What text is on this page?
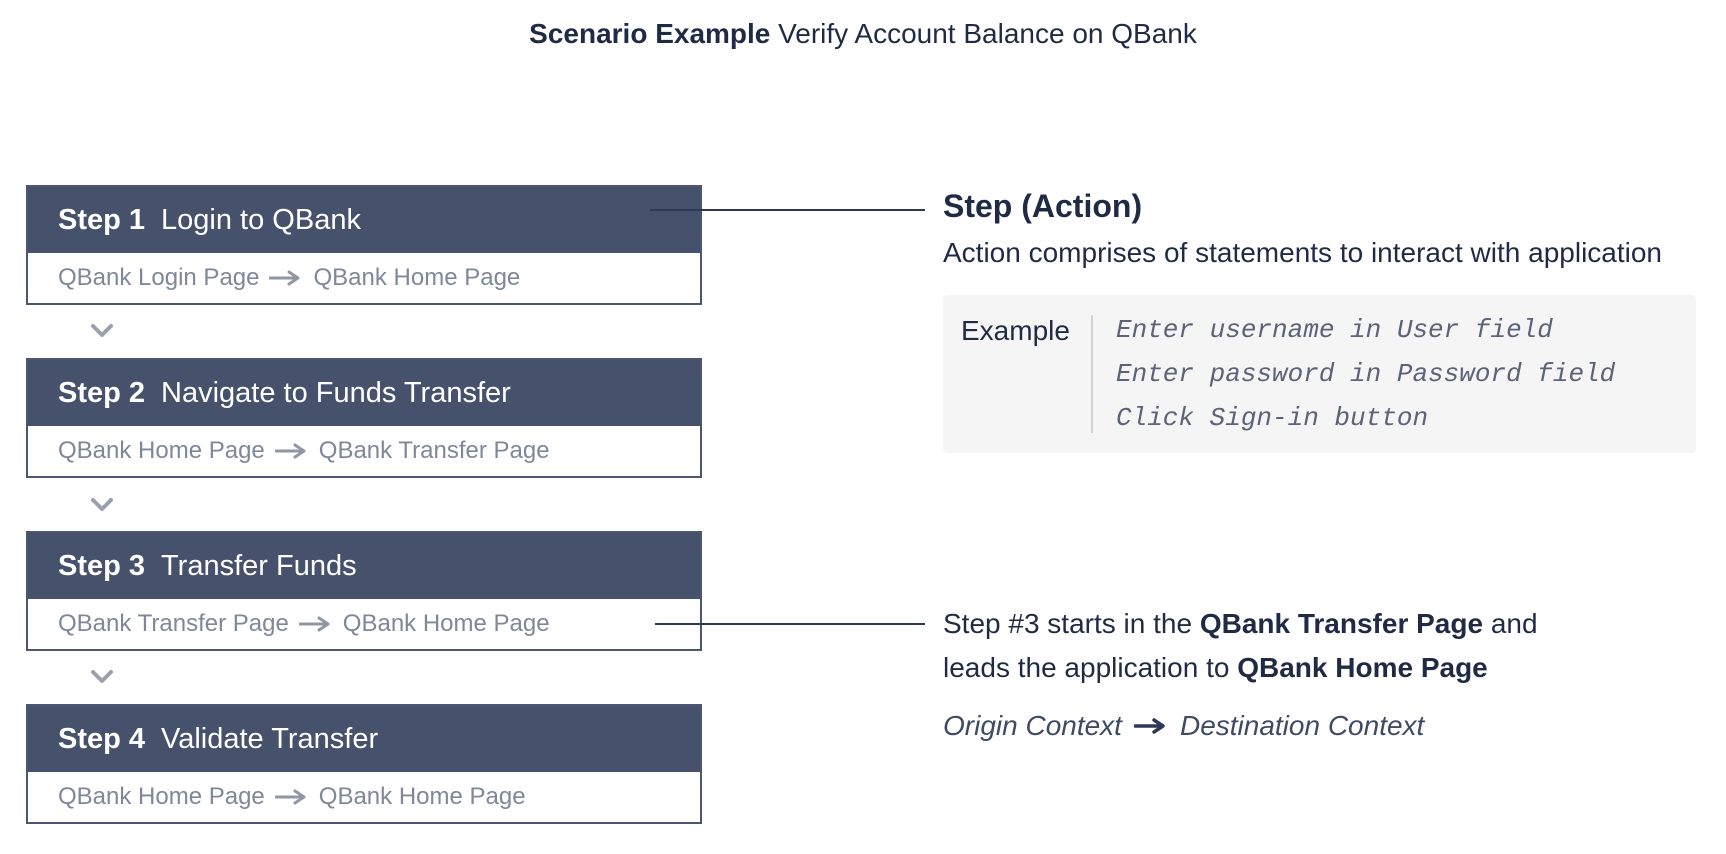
Scenario Example Verify Account Balance on QBank
Step 1 Login to QBank
QBank Login Page QBank Home Page
Step 2 Navigate to Funds Transfer
QBank Home Page QBank Transfer Page
Step 3 Transfer Funds
QBank Transfer Page QBank Home Page
Step 4 Validate Transfer
QBank Home Page QBank Home Page
Step (Action)
Action comprises of statements to interact with application
Example Enter username in User field
Enter password in Password field
Click Sign-in button
Step #3 starts in the QBank Transfer Page and
leads the application to QBank Home Page
Origin Context Destination Context
